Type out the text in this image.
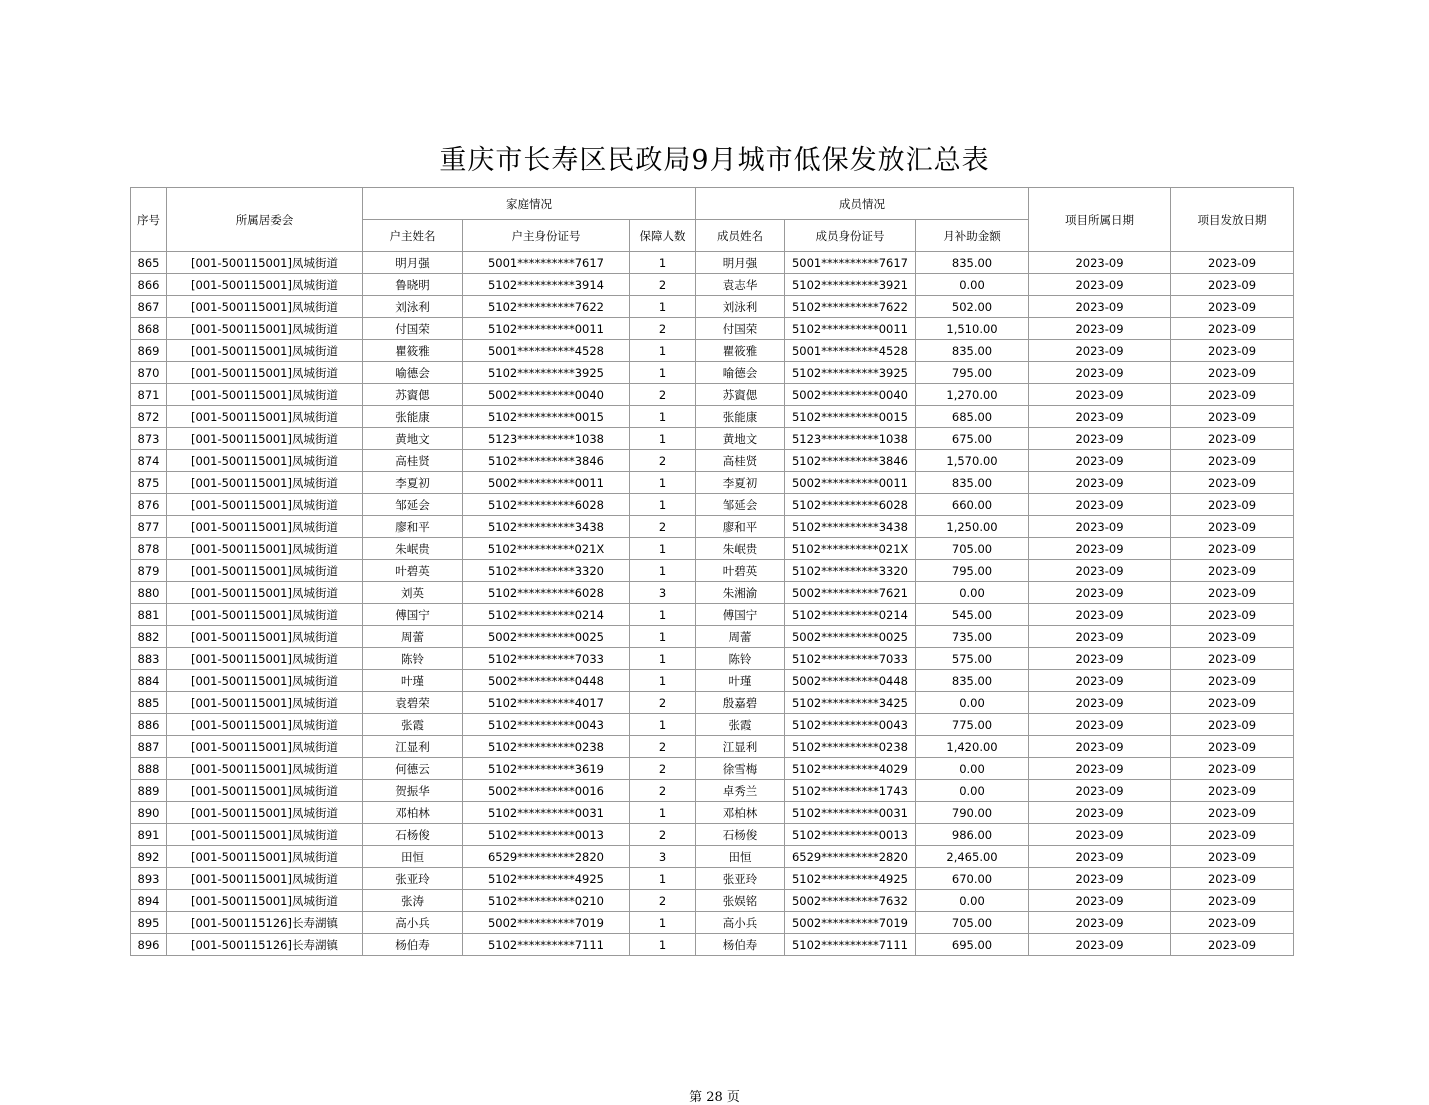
重庆市长寿区民政局9月城市低保发放汇总表
序号	所属居委会	家庭情况			成员情况			项目所属日期	项目发放日期
		户主姓名	户主身份证号	保障人数	成员姓名	成员身份证号	月补助金额		
865	[001-500115001]凤城街道	明月强	5001**********7617	1	明月强	5001**********7617	835.00	2023-09	2023-09
866	[001-500115001]凤城街道	鲁晓明	5102**********3914	2	袁志华	5102**********3921	0.00	2023-09	2023-09
867	[001-500115001]凤城街道	刘泳利	5102**********7622	1	刘泳利	5102**********7622	502.00	2023-09	2023-09
868	[001-500115001]凤城街道	付国荣	5102**********0011	2	付国荣	5102**********0011	1,510.00	2023-09	2023-09
869	[001-500115001]凤城街道	瞿筱雅	5001**********4528	1	瞿筱雅	5001**********4528	835.00	2023-09	2023-09
870	[001-500115001]凤城街道	喻德会	5102**********3925	1	喻德会	5102**********3925	795.00	2023-09	2023-09
871	[001-500115001]凤城街道	苏賨偲	5002**********0040	2	苏賨偲	5002**********0040	1,270.00	2023-09	2023-09
872	[001-500115001]凤城街道	张能康	5102**********0015	1	张能康	5102**********0015	685.00	2023-09	2023-09
873	[001-500115001]凤城街道	黄地文	5123**********1038	1	黄地文	5123**********1038	675.00	2023-09	2023-09
874	[001-500115001]凤城街道	高桂贤	5102**********3846	2	高桂贤	5102**********3846	1,570.00	2023-09	2023-09
875	[001-500115001]凤城街道	李夏初	5002**********0011	1	李夏初	5002**********0011	835.00	2023-09	2023-09
876	[001-500115001]凤城街道	邹延会	5102**********6028	1	邹延会	5102**********6028	660.00	2023-09	2023-09
877	[001-500115001]凤城街道	廖和平	5102**********3438	2	廖和平	5102**********3438	1,250.00	2023-09	2023-09
878	[001-500115001]凤城街道	朱岷贵	5102**********021X	1	朱岷贵	5102**********021X	705.00	2023-09	2023-09
879	[001-500115001]凤城街道	叶碧英	5102**********3320	1	叶碧英	5102**********3320	795.00	2023-09	2023-09
880	[001-500115001]凤城街道	刘英	5102**********6028	3	朱湘渝	5002**********7621	0.00	2023-09	2023-09
881	[001-500115001]凤城街道	傅国宁	5102**********0214	1	傅国宁	5102**********0214	545.00	2023-09	2023-09
882	[001-500115001]凤城街道	周蕾	5002**********0025	1	周蕾	5002**********0025	735.00	2023-09	2023-09
883	[001-500115001]凤城街道	陈铃	5102**********7033	1	陈铃	5102**********7033	575.00	2023-09	2023-09
884	[001-500115001]凤城街道	叶瑾	5002**********0448	1	叶瑾	5002**********0448	835.00	2023-09	2023-09
885	[001-500115001]凤城街道	袁碧荣	5102**********4017	2	殷嘉碧	5102**********3425	0.00	2023-09	2023-09
886	[001-500115001]凤城街道	张霞	5102**********0043	1	张霞	5102**********0043	775.00	2023-09	2023-09
887	[001-500115001]凤城街道	江显利	5102**********0238	2	江显利	5102**********0238	1,420.00	2023-09	2023-09
888	[001-500115001]凤城街道	何德云	5102**********3619	2	徐雪梅	5102**********4029	0.00	2023-09	2023-09
889	[001-500115001]凤城街道	贺振华	5002**********0016	2	卓秀兰	5102**********1743	0.00	2023-09	2023-09
890	[001-500115001]凤城街道	邓柏林	5102**********0031	1	邓柏林	5102**********0031	790.00	2023-09	2023-09
891	[001-500115001]凤城街道	石杨俊	5102**********0013	2	石杨俊	5102**********0013	986.00	2023-09	2023-09
892	[001-500115001]凤城街道	田恒	6529**********2820	3	田恒	6529**********2820	2,465.00	2023-09	2023-09
893	[001-500115001]凤城街道	张亚玲	5102**********4925	1	张亚玲	5102**********4925	670.00	2023-09	2023-09
894	[001-500115001]凤城街道	张涛	5102**********0210	2	张娱铭	5002**********7632	0.00	2023-09	2023-09
895	[001-500115126]长寿湖镇	高小兵	5002**********7019	1	高小兵	5002**********7019	705.00	2023-09	2023-09
896	[001-500115126]长寿湖镇	杨伯寿	5102**********7111	1	杨伯寿	5102**********7111	695.00	2023-09	2023-09
第 28 页
